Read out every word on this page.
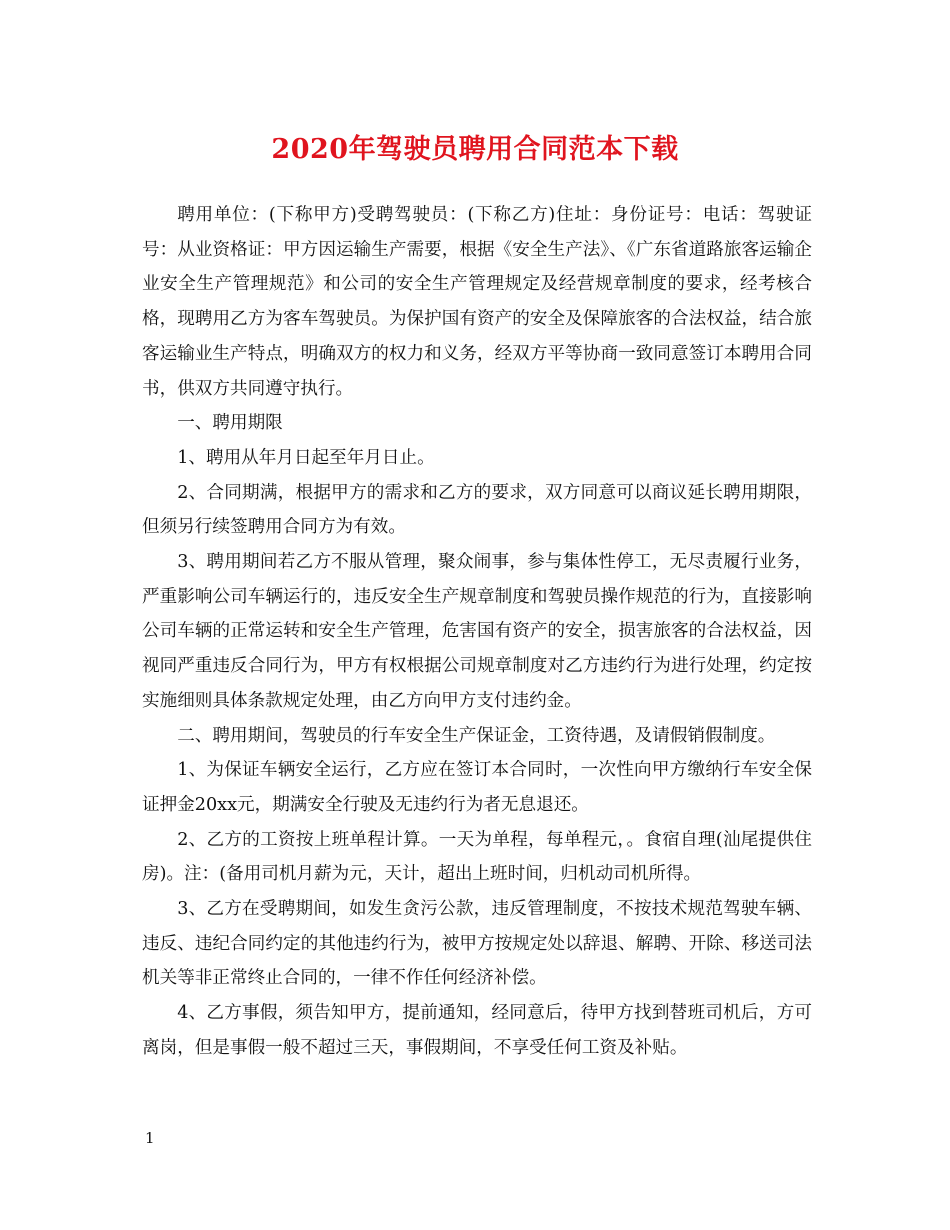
2020年驾驶员聘用合同范本下载

聘用单位：(下称甲方)受聘驾驶员：(下称乙方)住址：身份证号：电话：驾驶证号：从业资格证：甲方因运输生产需要，根据《安全生产法》、《广东省道路旅客运输企业安全生产管理规范》和公司的安全生产管理规定及经营规章制度的要求，经考核合格，现聘用乙方为客车驾驶员。为保护国有资产的安全及保障旅客的合法权益，结合旅客运输业生产特点，明确双方的权力和义务，经双方平等协商一致同意签订本聘用合同书，供双方共同遵守执行。

一、聘用期限

1、聘用从年月日起至年月日止。

2、合同期满，根据甲方的需求和乙方的要求，双方同意可以商议延长聘用期限，但须另行续签聘用合同方为有效。

3、聘用期间若乙方不服从管理，聚众闹事，参与集体性停工，无尽责履行业务，严重影响公司车辆运行的，违反安全生产规章制度和驾驶员操作规范的行为，直接影响公司车辆的正常运转和安全生产管理，危害国有资产的安全，损害旅客的合法权益，因视同严重违反合同行为，甲方有权根据公司规章制度对乙方违约行为进行处理，约定按实施细则具体条款规定处理，由乙方向甲方支付违约金。

二、聘用期间，驾驶员的行车安全生产保证金，工资待遇，及请假销假制度。

1、为保证车辆安全运行，乙方应在签订本合同时，一次性向甲方缴纳行车安全保证押金20xx元，期满安全行驶及无违约行为者无息退还。

2、乙方的工资按上班单程计算。一天为单程，每单程元，。食宿自理(汕尾提供住房)。注：(备用司机月薪为元，天计，超出上班时间，归机动司机所得。

3、乙方在受聘期间，如发生贪污公款，违反管理制度，不按技术规范驾驶车辆、违反、违纪合同约定的其他违约行为，被甲方按规定处以辞退、解聘、开除、移送司法机关等非正常终止合同的，一律不作任何经济补偿。

4、乙方事假，须告知甲方，提前通知，经同意后，待甲方找到替班司机后，方可离岗，但是事假一般不超过三天，事假期间，不享受任何工资及补贴。

1
